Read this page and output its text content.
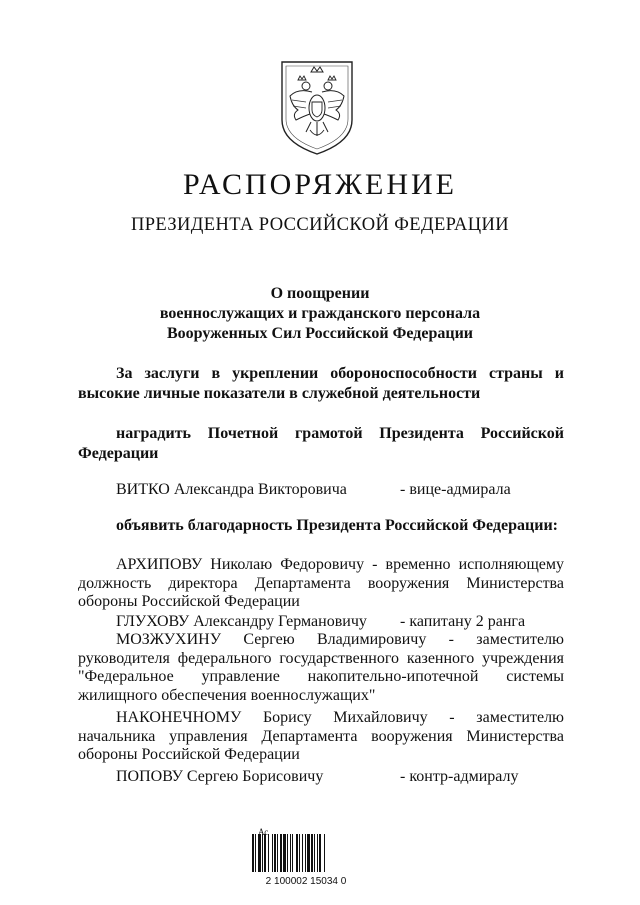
РАСПОРЯЖЕНИЕ
ПРЕЗИДЕНТА РОССИЙСКОЙ ФЕДЕРАЦИИ
О поощрении
военнослужащих и гражданского персонала
Вооруженных Сил Российской Федерации
За заслуги в укреплении обороноспособности страны и высокие личные показатели в служебной деятельности
наградить Почетной грамотой Президента Российской Федерации
ВИТКО Александра Викторовича	- вице-адмирала
объявить благодарность Президента Российской Федерации:
АРХИПОВУ Николаю Федоровичу - временно исполняющему должность директора Департамента вооружения Министерства обороны Российской Федерации
ГЛУХОВУ Александру Германовичу - капитану 2 ранга
МОЗЖУХИНУ Сергею Владимировичу - заместителю руководителя федерального государственного казенного учреждения "Федеральное управление накопительно-ипотечной системы жилищного обеспечения военнослужащих"
НАКОНЕЧНОМУ Борису Михайловичу - заместителю начальника управления Департамента вооружения Министерства обороны Российской Федерации
ПОПОВУ Сергею Борисовичу	- контр-адмиралу
Ас
2 100002 15034 0
